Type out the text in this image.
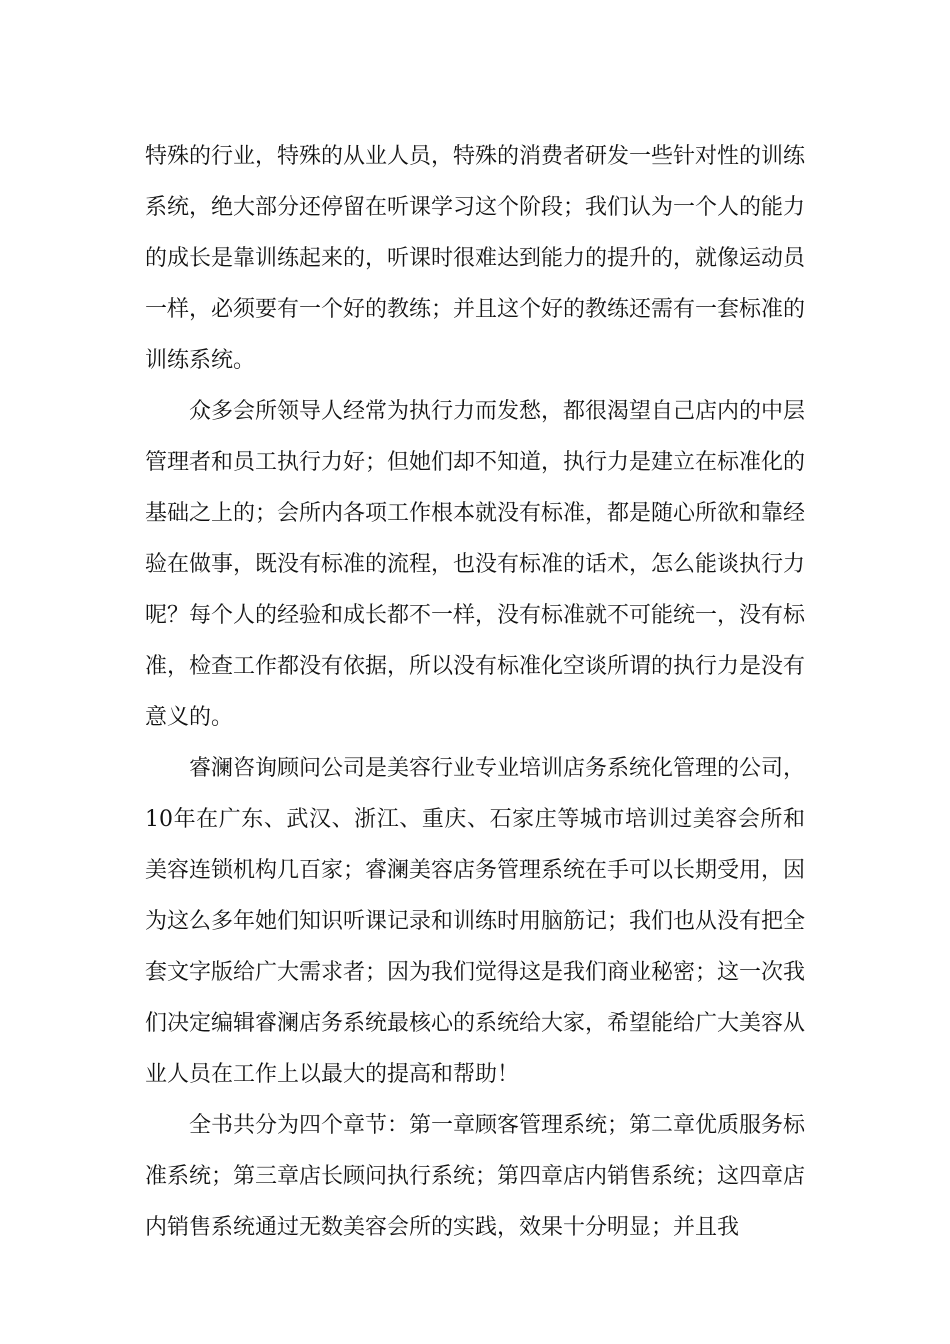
特殊的行业，特殊的从业人员，特殊的消费者研发一些针对性的训练系统，绝大部分还停留在听课学习这个阶段；我们认为一个人的能力的成长是靠训练起来的，听课时很难达到能力的提升的，就像运动员一样，必须要有一个好的教练；并且这个好的教练还需有一套标准的训练系统。

众多会所领导人经常为执行力而发愁，都很渴望自己店内的中层管理者和员工执行力好；但她们却不知道，执行力是建立在标准化的基础之上的；会所内各项工作根本就没有标准，都是随心所欲和靠经验在做事，既没有标准的流程，也没有标准的话术，怎么能谈执行力呢？每个人的经验和成长都不一样，没有标准就不可能统一，没有标准，检查工作都没有依据，所以没有标准化空谈所谓的执行力是没有意义的。

睿澜咨询顾问公司是美容行业专业培训店务系统化管理的公司，10年在广东、武汉、浙江、重庆、石家庄等城市培训过美容会所和美容连锁机构几百家；睿澜美容店务管理系统在手可以长期受用，因为这么多年她们知识听课记录和训练时用脑筋记；我们也从没有把全套文字版给广大需求者；因为我们觉得这是我们商业秘密；这一次我们决定编辑睿澜店务系统最核心的系统给大家，希望能给广大美容从业人员在工作上以最大的提高和帮助！

全书共分为四个章节：第一章顾客管理系统；第二章优质服务标准系统；第三章店长顾问执行系统；第四章店内销售系统；这四章店内销售系统通过无数美容会所的实践，效果十分明显；并且我
